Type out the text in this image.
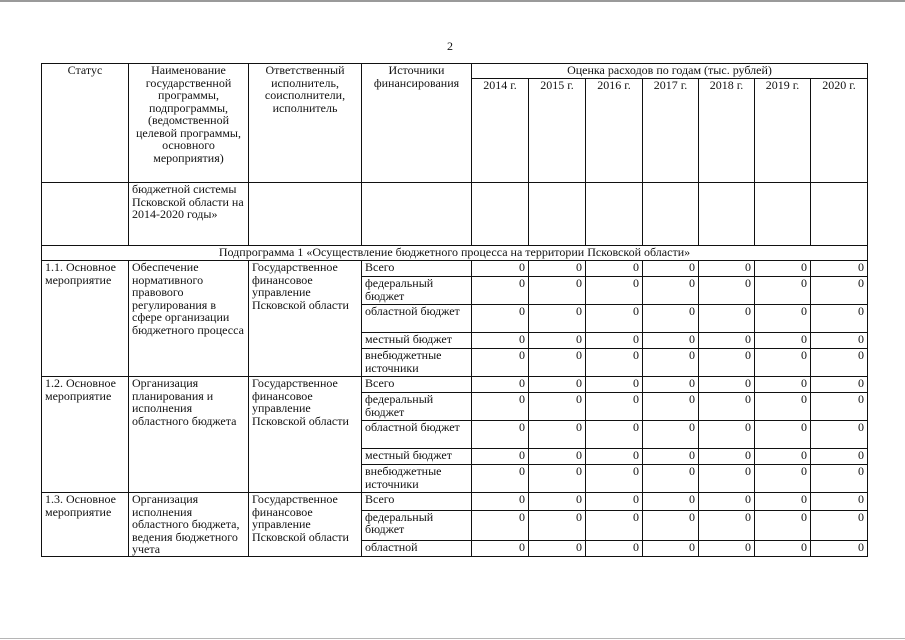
2
Статус	Наименование государственной программы, подпрограммы, (ведомственной целевой программы, основного мероприятия)	Ответственный исполнитель, соисполнители, исполнитель	Источники финансирования	Оценка расходов по годам (тыс. рублей)						
				2014 г.	2015 г.	2016 г.	2017 г.	2018 г.	2019 г.	2020 г.
	бюджетной системы Псковской области на 2014-2020 годы»									
Подпрограмма 1 «Осуществление бюджетного процесса на территории Псковской области»										
1.1. Основное мероприятие	Обеспечение нормативного правового регулирования в сфере организации бюджетного процесса	Государственное финансовое управление Псковской области	Всего	0	0	0	0	0	0	0
			федеральный бюджет	0	0	0	0	0	0	0
			областной бюджет	0	0	0	0	0	0	0
			местный бюджет	0	0	0	0	0	0	0
			внебюджетные источники	0	0	0	0	0	0	0
1.2. Основное мероприятие	Организация планирования и исполнения областного бюджета	Государственное финансовое управление Псковской области	Всего	0	0	0	0	0	0	0
			федеральный бюджет	0	0	0	0	0	0	0
			областной бюджет	0	0	0	0	0	0	0
			местный бюджет	0	0	0	0	0	0	0
			внебюджетные источники	0	0	0	0	0	0	0
1.3. Основное мероприятие	Организация исполнения областного бюджета, ведения бюджетного учета	Государственное финансовое управление Псковской области	Всего	0	0	0	0	0	0	0
			федеральный бюджет	0	0	0	0	0	0	0
			областной	0	0	0	0	0	0	0
